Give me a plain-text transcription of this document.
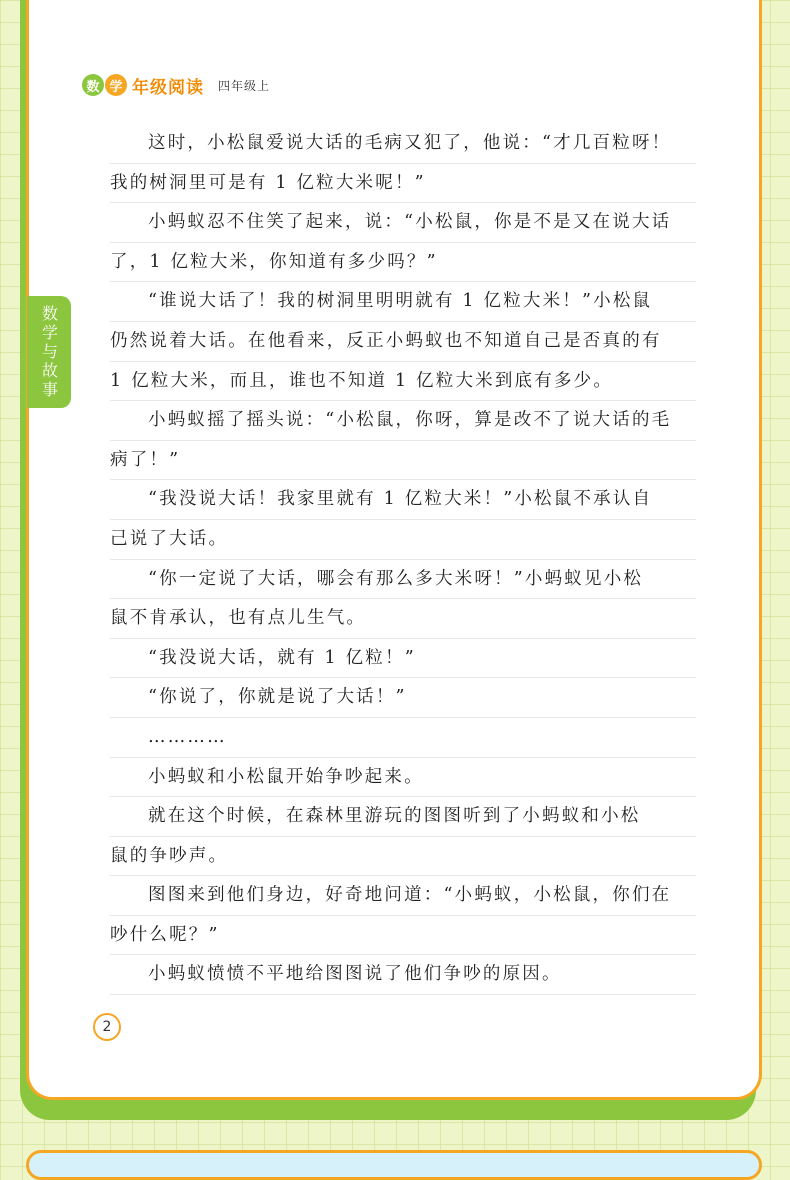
数 学 年级阅读 四年级上
数学与故事
这时，小松鼠爱说大话的毛病又犯了，他说：“才几百粒呀！
我的树洞里可是有 1 亿粒大米呢！”
小蚂蚁忍不住笑了起来，说：“小松鼠，你是不是又在说大话
了，1 亿粒大米，你知道有多少吗？”
“谁说大话了！我的树洞里明明就有 1 亿粒大米！”小松鼠
仍然说着大话。在他看来，反正小蚂蚁也不知道自己是否真的有
1 亿粒大米，而且，谁也不知道 1 亿粒大米到底有多少。
小蚂蚁摇了摇头说：“小松鼠，你呀，算是改不了说大话的毛
病了！”
“我没说大话！我家里就有 1 亿粒大米！”小松鼠不承认自
己说了大话。
“你一定说了大话，哪会有那么多大米呀！”小蚂蚁见小松
鼠不肯承认，也有点儿生气。
“我没说大话，就有 1 亿粒！”
“你说了，你就是说了大话！”
…………
小蚂蚁和小松鼠开始争吵起来。
就在这个时候，在森林里游玩的图图听到了小蚂蚁和小松
鼠的争吵声。
图图来到他们身边，好奇地问道：“小蚂蚁，小松鼠，你们在
吵什么呢？”
小蚂蚁愤愤不平地给图图说了他们争吵的原因。
2
